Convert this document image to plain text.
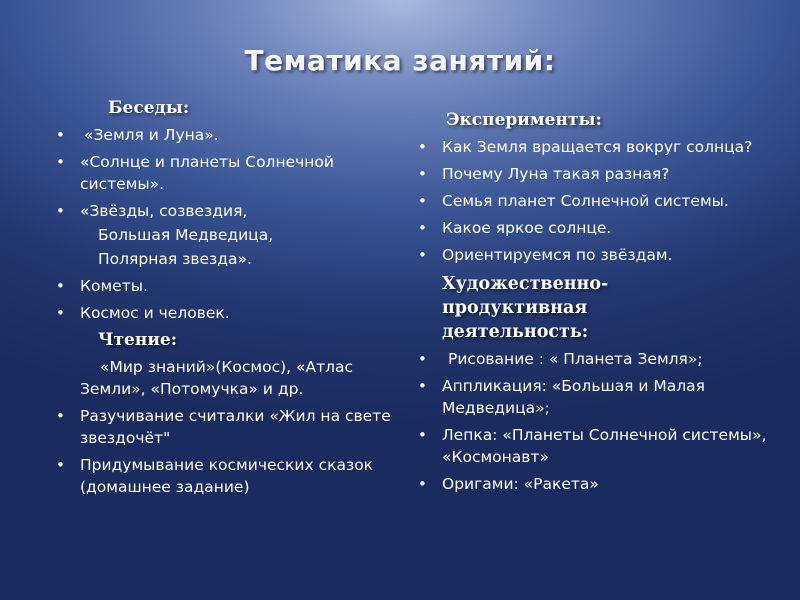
Тематика занятий:
Беседы:
• «Земля и Луна».
• «Солнце и планеты Солнечной системы».
• «Звёзды, созвездия,
Большая Медведица,
Полярная звезда».
• Кометы.
• Космос и человек.
Чтение:
«Мир знаний»(Космос), «Атлас Земли», «Потомучка» и др.
• Разучивание считалки «Жил на свете звездочёт"
• Придумывание космических сказок (домашнее задание)
Эксперименты:
• Как Земля вращается вокруг солнца?
• Почему Луна такая разная?
• Семья планет Солнечной системы.
• Какое яркое солнце.
• Ориентируемся по звёздам.
Художественно-продуктивная деятельность:
• Рисование : « Планета Земля»;
• Аппликация: «Большая и Малая Медведица»;
• Лепка: «Планеты Солнечной системы», «Космонавт»
• Оригами: «Ракета»
